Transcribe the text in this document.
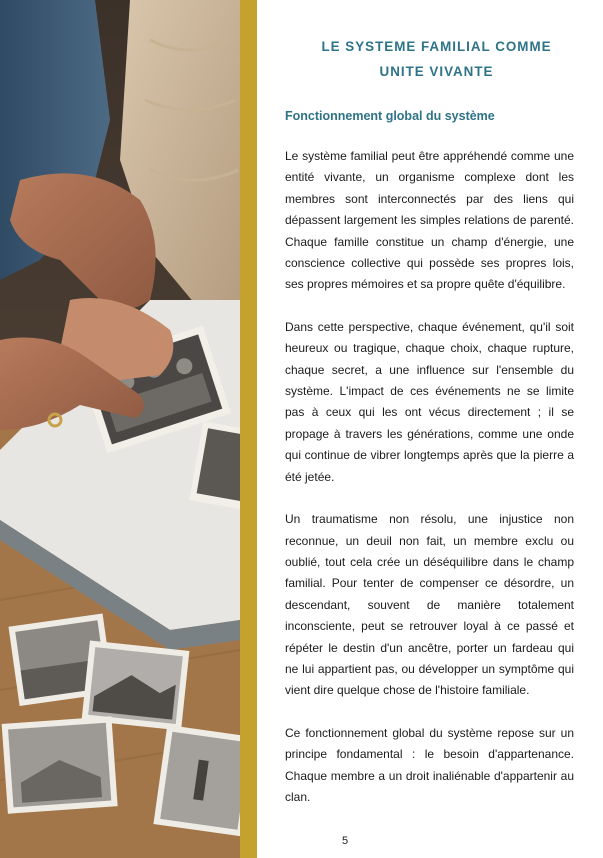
LE SYSTEME FAMILIAL COMME
UNITE VIVANTE
Fonctionnement global du système

Le système familial peut être appréhendé comme une entité vivante, un organisme complexe dont les membres sont interconnectés par des liens qui dépassent largement les simples relations de parenté. Chaque famille constitue un champ d'énergie, une conscience collective qui possède ses propres lois, ses propres mémoires et sa propre quête d'équilibre.

Dans cette perspective, chaque événement, qu'il soit heureux ou tragique, chaque choix, chaque rupture, chaque secret, a une influence sur l'ensemble du système. L'impact de ces événements ne se limite pas à ceux qui les ont vécus directement ; il se propage à travers les générations, comme une onde qui continue de vibrer longtemps après que la pierre a été jetée.

Un traumatisme non résolu, une injustice non reconnue, un deuil non fait, un membre exclu ou oublié, tout cela crée un déséquilibre dans le champ familial. Pour tenter de compenser ce désordre, un descendant, souvent de manière totalement inconsciente, peut se retrouver loyal à ce passé et répéter le destin d'un ancêtre, porter un fardeau qui ne lui appartient pas, ou développer un symptôme qui vient dire quelque chose de l'histoire familiale.

Ce fonctionnement global du système repose sur un principe fondamental : le besoin d'appartenance. Chaque membre a un droit inaliénable d'appartenir au clan.

5
